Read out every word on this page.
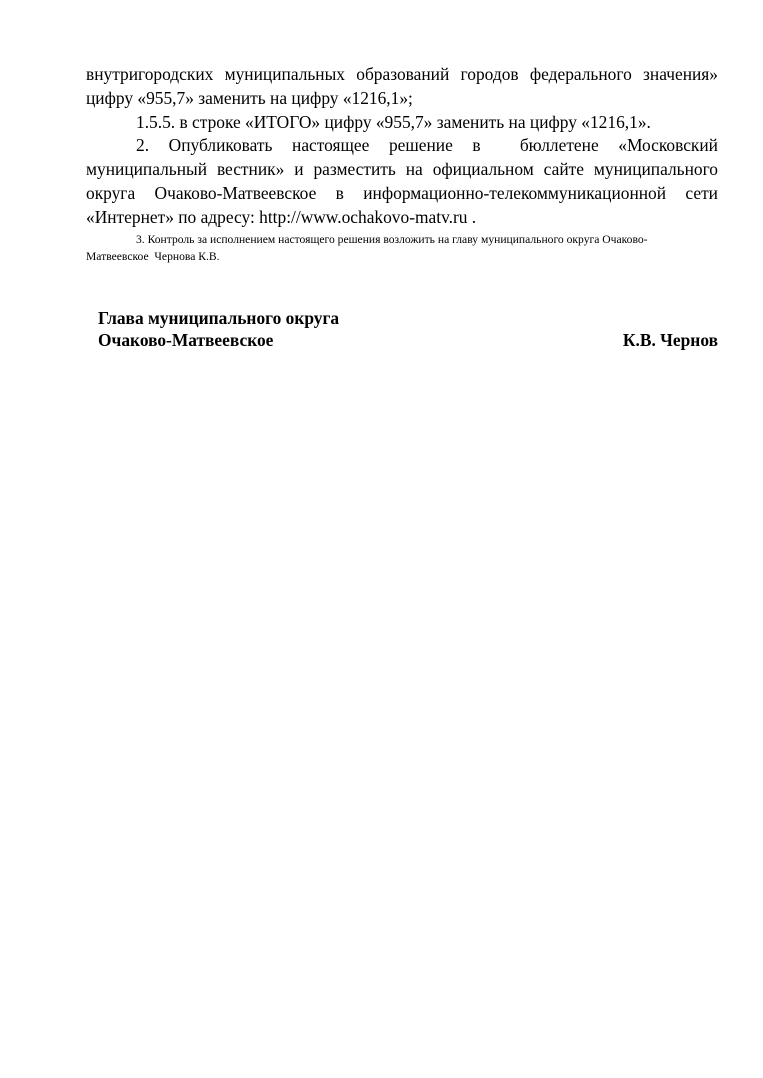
внутригородских муниципальных образований городов федерального значения»
цифру «955,7» заменить на цифру «1216,1»;
1.5.5. в строке «ИТОГО» цифру «955,7» заменить на цифру «1216,1».
2. Опубликовать настоящее решение в  бюллетене «Московский
муниципальный вестник» и разместить на официальном сайте муниципального
округа Очаково-Матвеевское в информационно-телекоммуникационной сети
«Интернет» по адресу: http://www.ochakovo-matv.ru .
3. Контроль за исполнением настоящего решения возложить на главу муниципального округа Очаково-
Матвеевское  Чернова К.В.
Глава муниципального округа
Очаково-Матвеевское	К.В. Чернов
